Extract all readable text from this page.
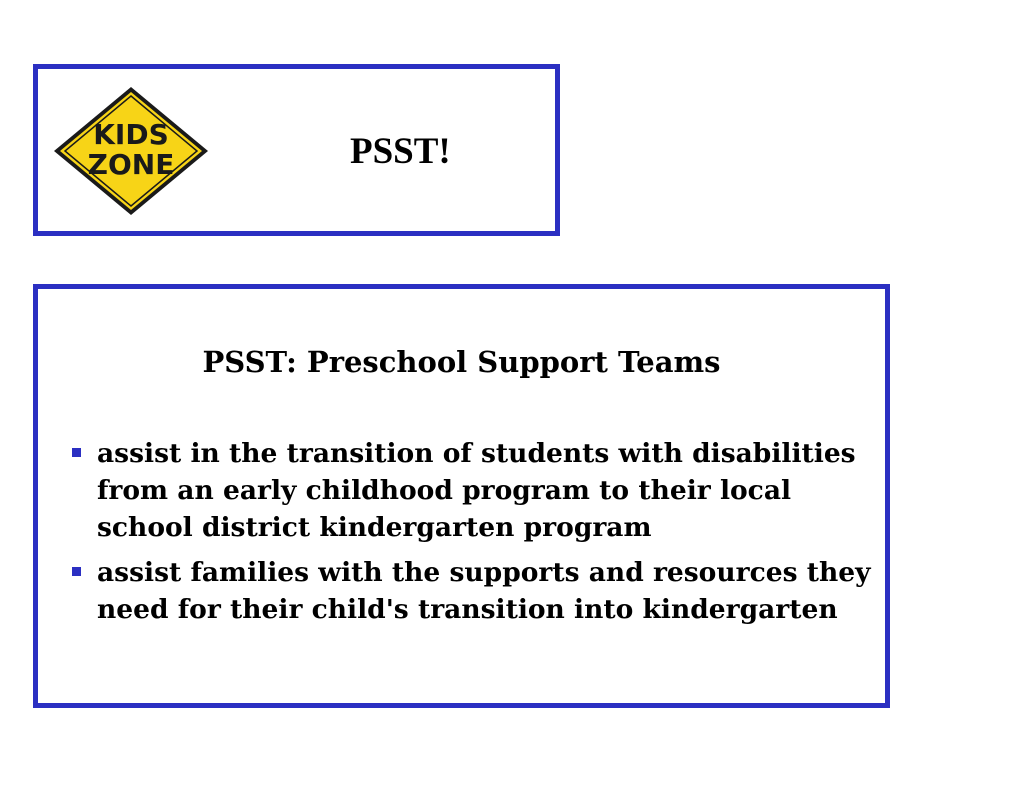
KIDS
ZONE	PSST!
PSST: Preschool Support Teams
assist in the transition of students with disabilities from an early childhood program to their local school district kindergarten program
assist families with the supports and resources they need for their child's transition into kindergarten
